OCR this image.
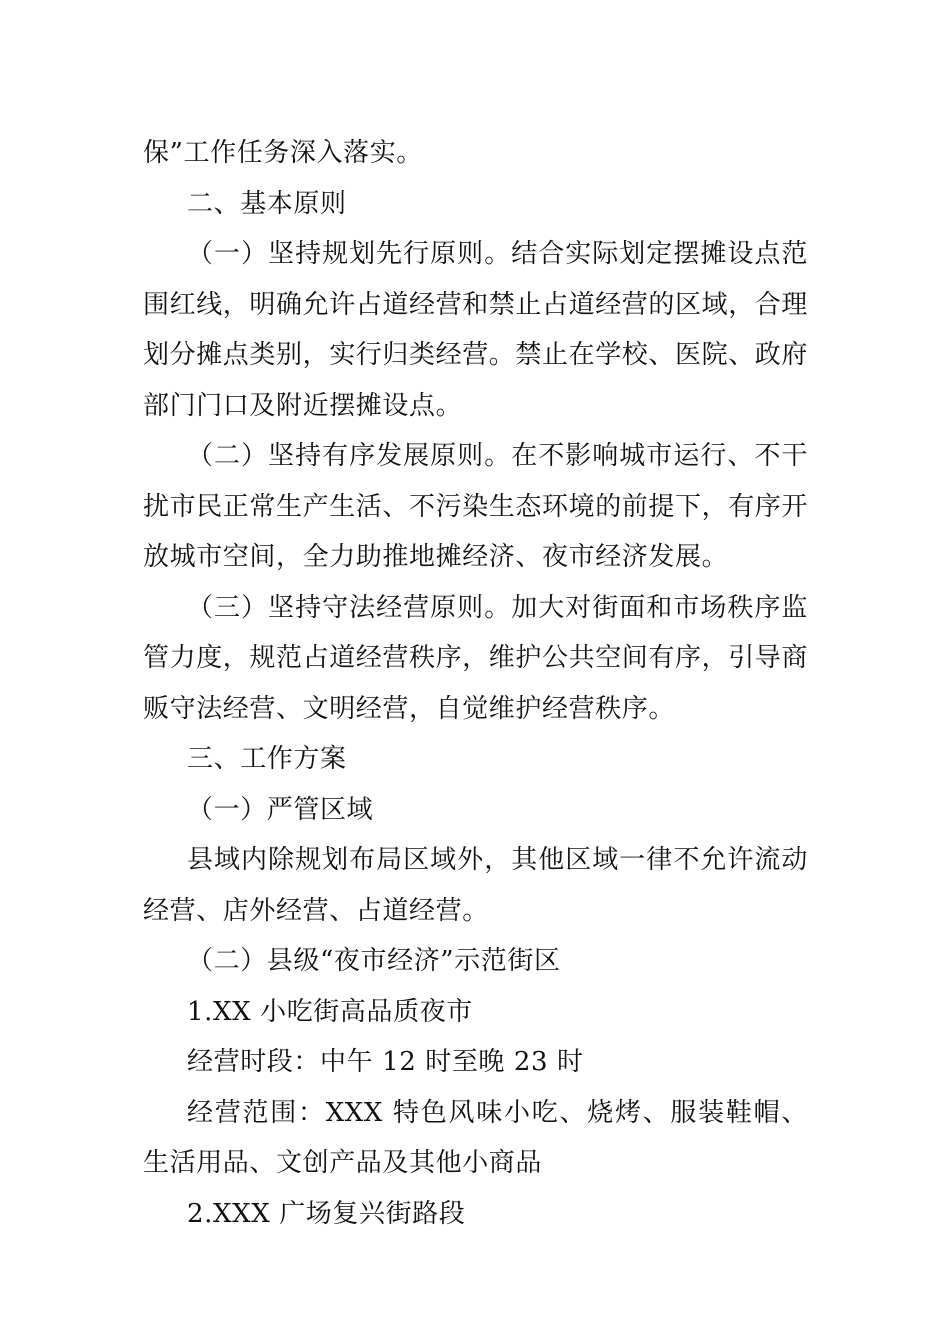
保”工作任务深入落实。

二、基本原则

（一）坚持规划先行原则。结合实际划定摆摊设点范围红线，明确允许占道经营和禁止占道经营的区域，合理划分摊点类别，实行归类经营。禁止在学校、医院、政府部门门口及附近摆摊设点。

（二）坚持有序发展原则。在不影响城市运行、不干扰市民正常生产生活、不污染生态环境的前提下，有序开放城市空间，全力助推地摊经济、夜市经济发展。

（三）坚持守法经营原则。加大对街面和市场秩序监管力度，规范占道经营秩序，维护公共空间有序，引导商贩守法经营、文明经营，自觉维护经营秩序。

三、工作方案

（一）严管区域

县域内除规划布局区域外，其他区域一律不允许流动经营、店外经营、占道经营。

（二）县级“夜市经济”示范街区

1.XX 小吃街高品质夜市

经营时段：中午 12 时至晚 23 时

经营范围：XXX 特色风味小吃、烧烤、服装鞋帽、生活用品、文创产品及其他小商品

2.XXX 广场复兴街路段
